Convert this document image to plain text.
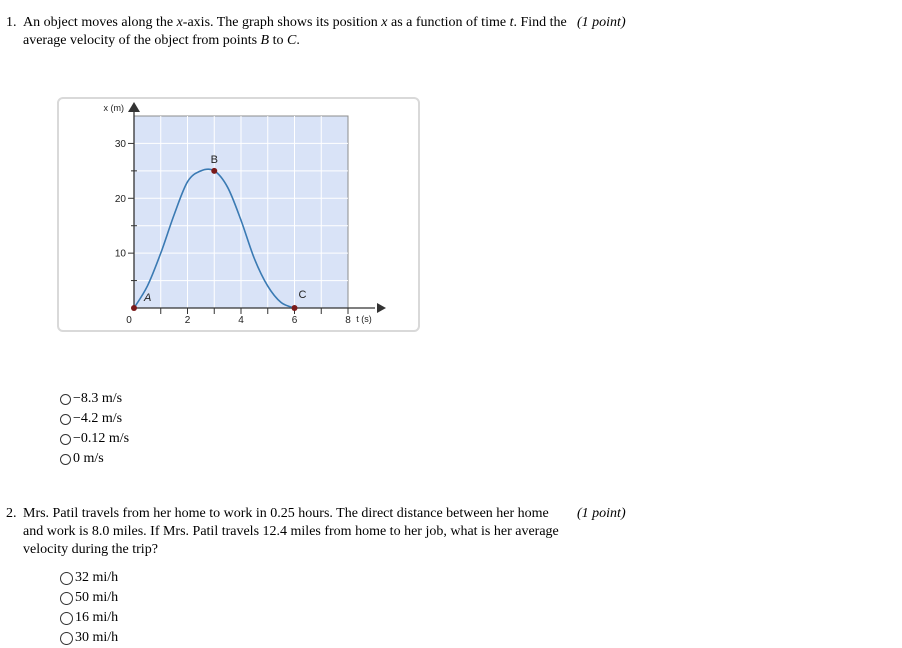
1. An object moves along the x-axis. The graph shows its position x as a function of time t. Find the average velocity of the object from points B to C.
(1 point)
10
20
30
0	2	4	6	8
x (m)
t (s)
A
B
C
−8.3 m/s
−4.2 m/s
−0.12 m/s
0 m/s
2. Mrs. Patil travels from her home to work in 0.25 hours. The direct distance between her home and work is 8.0 miles. If Mrs. Patil travels 12.4 miles from home to her job, what is her average velocity during the trip?
(1 point)
32 mi/h
50 mi/h
16 mi/h
30 mi/h
